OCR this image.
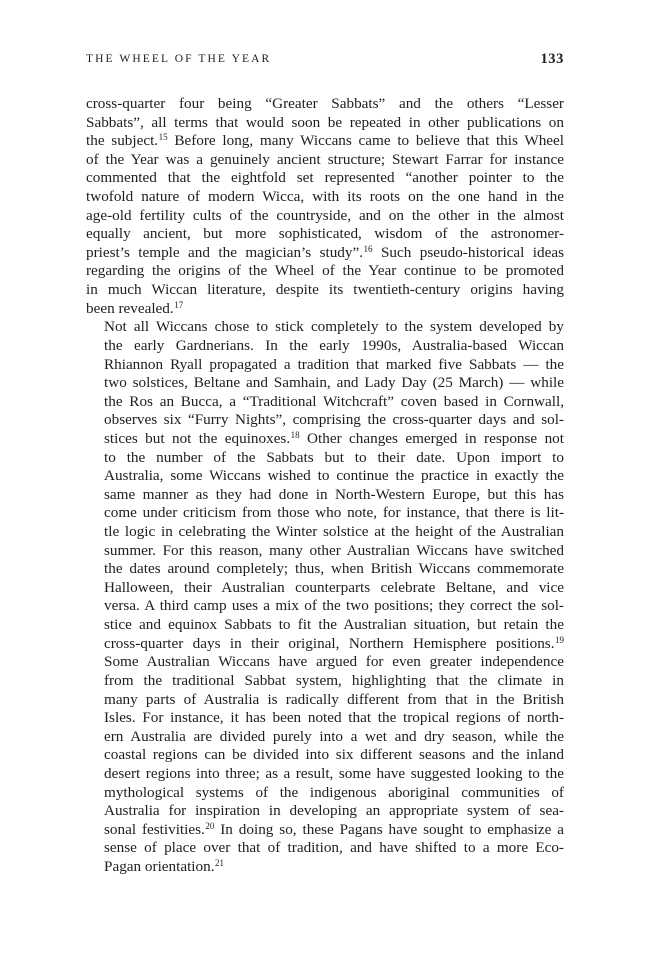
THE WHEEL OF THE YEAR	133
cross-quarter four being “Greater Sabbats” and the others “Lesser
Sabbats”, all terms that would soon be repeated in other publications on
the subject.$^{15}$ Before long, many Wiccans came to believe that this Wheel
of the Year was a genuinely ancient structure; Stewart Farrar for instance
commented that the eightfold set represented “another pointer to the
twofold nature of modern Wicca, with its roots on the one hand in the
age-old fertility cults of the countryside, and on the other in the almost
equally ancient, but more sophisticated, wisdom of the astronomer-
priest’s temple and the magician’s study”.$^{16}$ Such pseudo-historical ideas
regarding the origins of the Wheel of the Year continue to be promoted
in much Wiccan literature, despite its twentieth-century origins having
been revealed.$^{17}$
Not all Wiccans chose to stick completely to the system developed by
the early Gardnerians. In the early 1990s, Australia-based Wiccan
Rhiannon Ryall propagated a tradition that marked five Sabbats — the
two solstices, Beltane and Samhain, and Lady Day (25 March) — while
the Ros an Bucca, a “Traditional Witchcraft” coven based in Cornwall,
observes six “Furry Nights”, comprising the cross-quarter days and sol-
stices but not the equinoxes.$^{18}$ Other changes emerged in response not
to the number of the Sabbats but to their date. Upon import to
Australia, some Wiccans wished to continue the practice in exactly the
same manner as they had done in North-Western Europe, but this has
come under criticism from those who note, for instance, that there is lit-
tle logic in celebrating the Winter solstice at the height of the Australian
summer. For this reason, many other Australian Wiccans have switched
the dates around completely; thus, when British Wiccans commemorate
Halloween, their Australian counterparts celebrate Beltane, and vice
versa. A third camp uses a mix of the two positions; they correct the sol-
stice and equinox Sabbats to fit the Australian situation, but retain the
cross-quarter days in their original, Northern Hemisphere positions.$^{19}$
Some Australian Wiccans have argued for even greater independence
from the traditional Sabbat system, highlighting that the climate in
many parts of Australia is radically different from that in the British
Isles. For instance, it has been noted that the tropical regions of north-
ern Australia are divided purely into a wet and dry season, while the
coastal regions can be divided into six different seasons and the inland
desert regions into three; as a result, some have suggested looking to the
mythological systems of the indigenous aboriginal communities of
Australia for inspiration in developing an appropriate system of sea-
sonal festivities.$^{20}$ In doing so, these Pagans have sought to emphasize a
sense of place over that of tradition, and have shifted to a more Eco-
Pagan orientation.$^{21}$
